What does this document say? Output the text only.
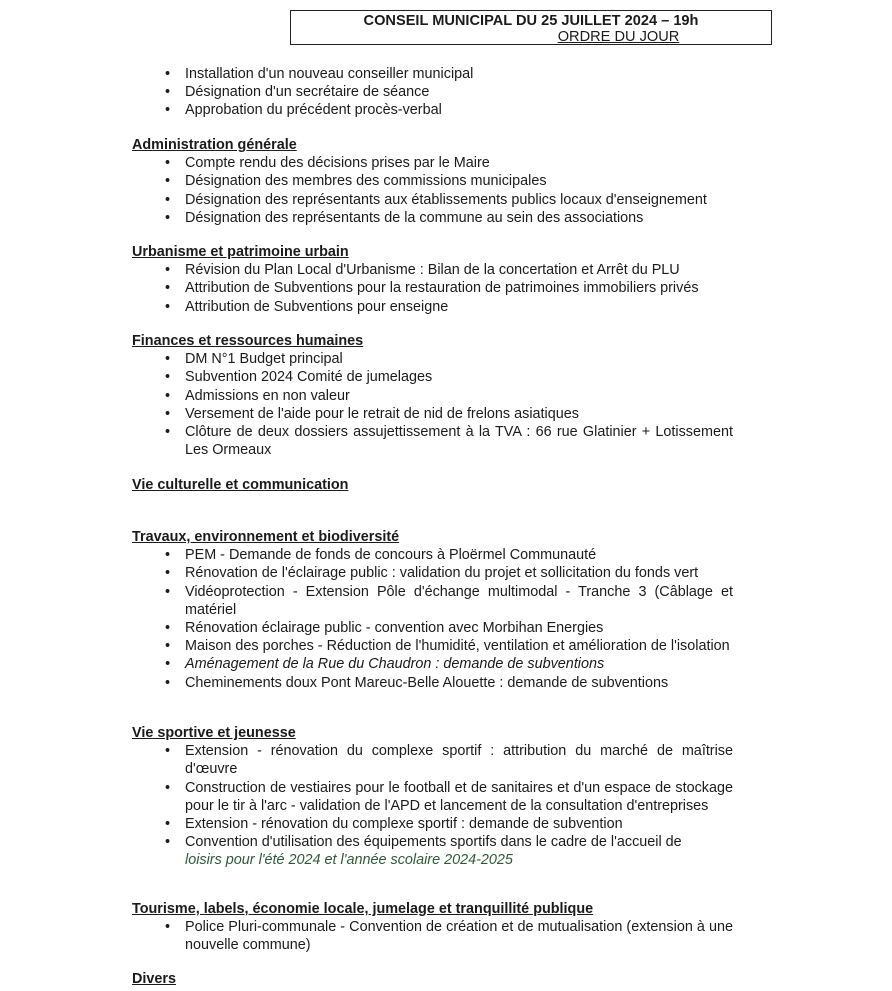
CONSEIL MUNICIPAL DU 25 JUILLET 2024 – 19h
ORDRE DU JOUR
• Installation d'un nouveau conseiller municipal
• Désignation d'un secrétaire de séance
• Approbation du précédent procès-verbal

Administration générale

• Compte rendu des décisions prises par le Maire
• Désignation des membres des commissions municipales
• Désignation des représentants aux établissements publics locaux d'enseignement
• Désignation des représentants de la commune au sein des associations

Urbanisme et patrimoine urbain

• Révision du Plan Local d'Urbanisme : Bilan de la concertation et Arrêt du PLU
• Attribution de Subventions pour la restauration de patrimoines immobiliers privés
• Attribution de Subventions pour enseigne

Finances et ressources humaines

• DM N°1 Budget principal
• Subvention 2024 Comité de jumelages
• Admissions en non valeur
• Versement de l'aide pour le retrait de nid de frelons asiatiques
• Clôture de deux dossiers assujettissement à la TVA : 66 rue Glatinier + Lotissement Les Ormeaux

Vie culturelle et communication

Travaux, environnement et biodiversité

• PEM - Demande de fonds de concours à Ploërmel Communauté
• Rénovation de l'éclairage public : validation du projet et sollicitation du fonds vert
• Vidéoprotection - Extension Pôle d'échange multimodal - Tranche 3 (Câblage et matériel
• Rénovation éclairage public - convention avec Morbihan Energies
• Maison des porches - Réduction de l'humidité, ventilation et amélioration de l'isolation
• Aménagement de la Rue du Chaudron : demande de subventions
• Cheminements doux Pont Mareuc-Belle Alouette : demande de subventions

Vie sportive et jeunesse

• Extension - rénovation du complexe sportif : attribution du marché de maîtrise d'œuvre
• Construction de vestiaires pour le football et de sanitaires et d'un espace de stockage pour le tir à l'arc - validation de l'APD et lancement de la consultation d'entreprises
• Extension - rénovation du complexe sportif : demande de subvention
• Convention d'utilisation des équipements sportifs dans le cadre de l'accueil de
loisirs pour l'été 2024 et l'année scolaire 2024-2025

Tourisme, labels, économie locale, jumelage et tranquillité publique

• Police Pluri-communale - Convention de création et de mutualisation (extension à une nouvelle commune)

Divers
